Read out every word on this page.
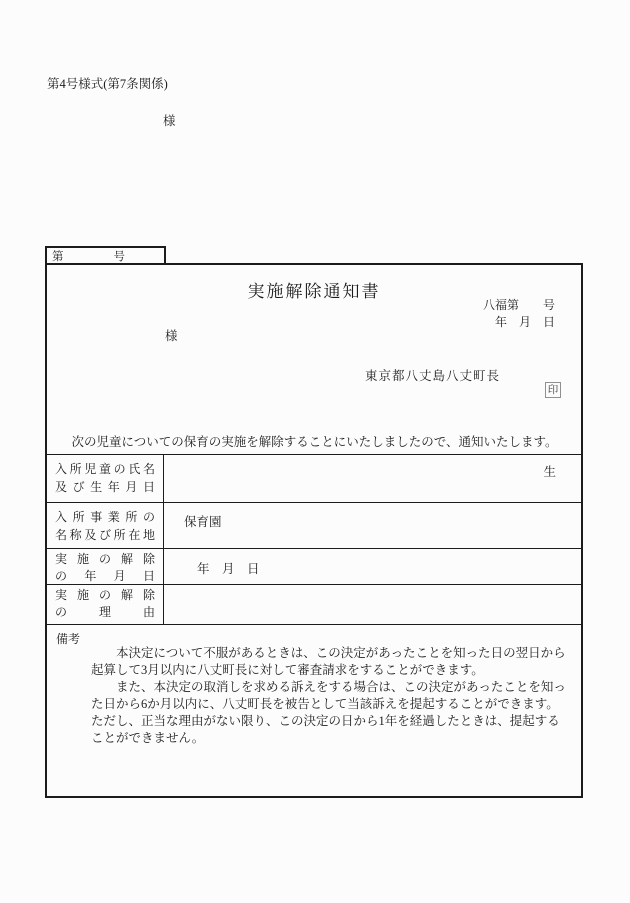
第4号様式(第7条関係)
様
第	号
実施解除通知書
八福第　　号
年　月　日
様
東京都八丈島八丈町長
印
　次の児童についての保育の実施を解除することにいたしましたので、通知いたします。
入所児童の氏名
及び生年月日
生
入所事業所の
名称及び所在地
保育園
実施の解除
の年月日	年　月　日
実施の解除
の理由
備考
本決定について不服があるときは、この決定があったことを知った日の翌日から
起算して3月以内に八丈町長に対して審査請求をすることができます。
また、本決定の取消しを求める訴えをする場合は、この決定があったことを知っ
た日から6か月以内に、八丈町長を被告として当該訴えを提起することができます。
ただし、正当な理由がない限り、この決定の日から1年を経過したときは、提起する
ことができません。
